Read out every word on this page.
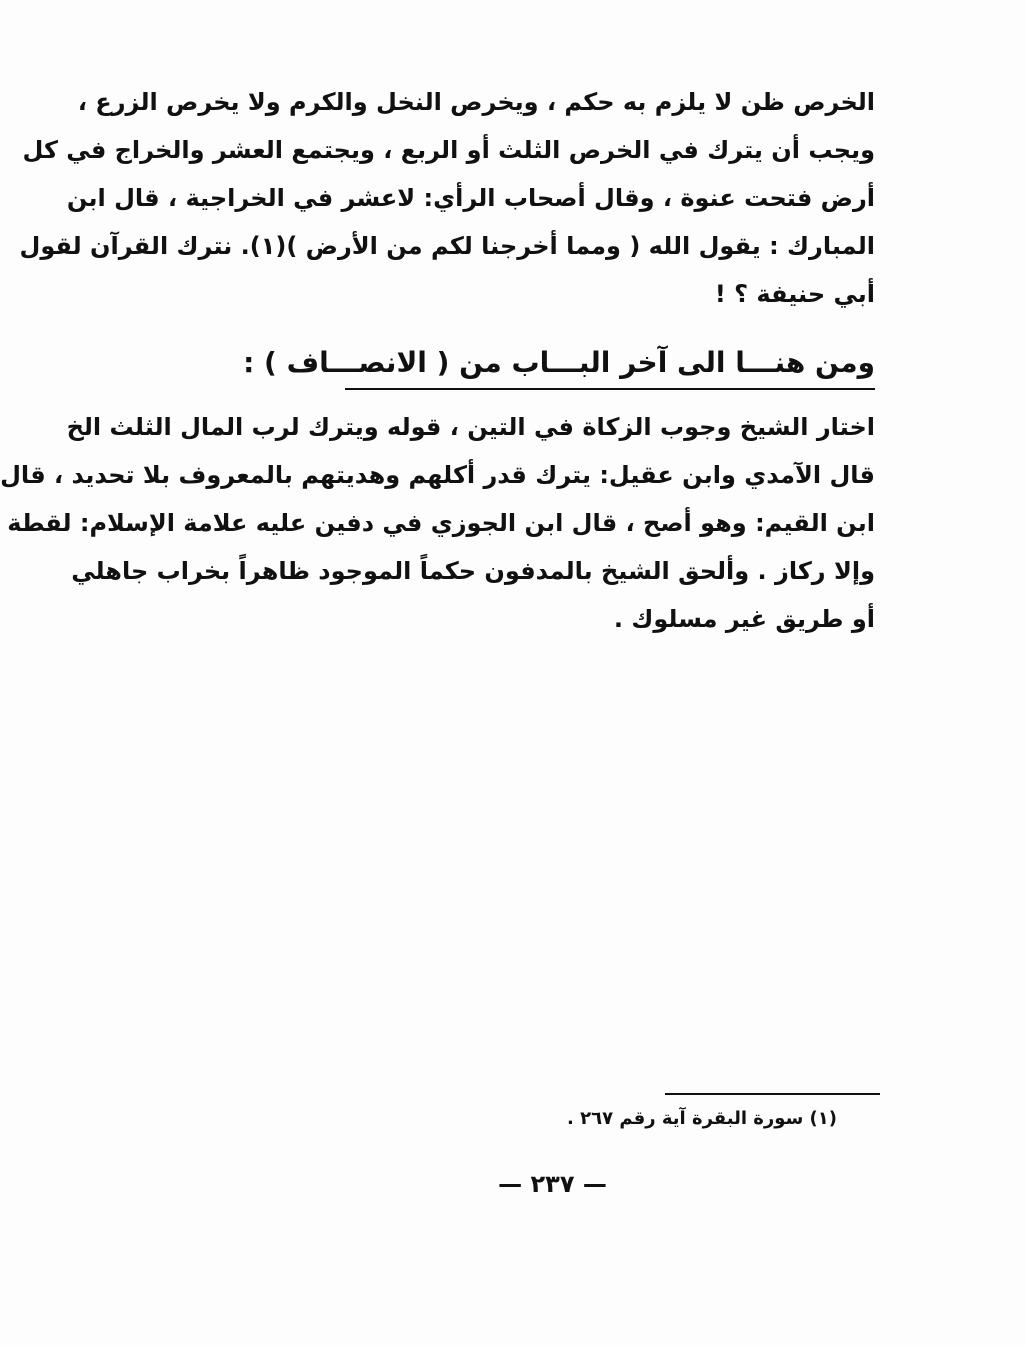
الخرص ظن لا يلزم به حكم ، ويخرص النخل والكرم ولا يخرص الزرع ،
ويجب أن يترك في الخرص الثلث أو الربع ، ويجتمع العشر والخراج في كل
أرض فتحت عنوة ، وقال أصحاب الرأي: لاعشر في الخراجية ، قال ابن
المبارك : يقول الله ( ومما أخرجنا لكم من الأرض )(١). نترك القرآن لقول
أبي حنيفة ؟ !
ومن هنـــا الى آخر البـــاب من ( الانصـــاف ) :
اختار الشيخ وجوب الزكاة في التين ، قوله ويترك لرب المال الثلث الخ
قال الآمدي وابن عقيل: يترك قدر أكلهم وهديتهم بالمعروف بلا تحديد ، قال
ابن القيم: وهو أصح ، قال ابن الجوزي في دفين عليه علامة الإسلام: لقطة
وإلا ركاز . وألحق الشيخ بالمدفون حكماً الموجود ظاهراً بخراب جاهلي
أو طريق غير مسلوك .
(١) سورة البقرة آية رقم ٢٦٧ .
— ٢٣٧ —
